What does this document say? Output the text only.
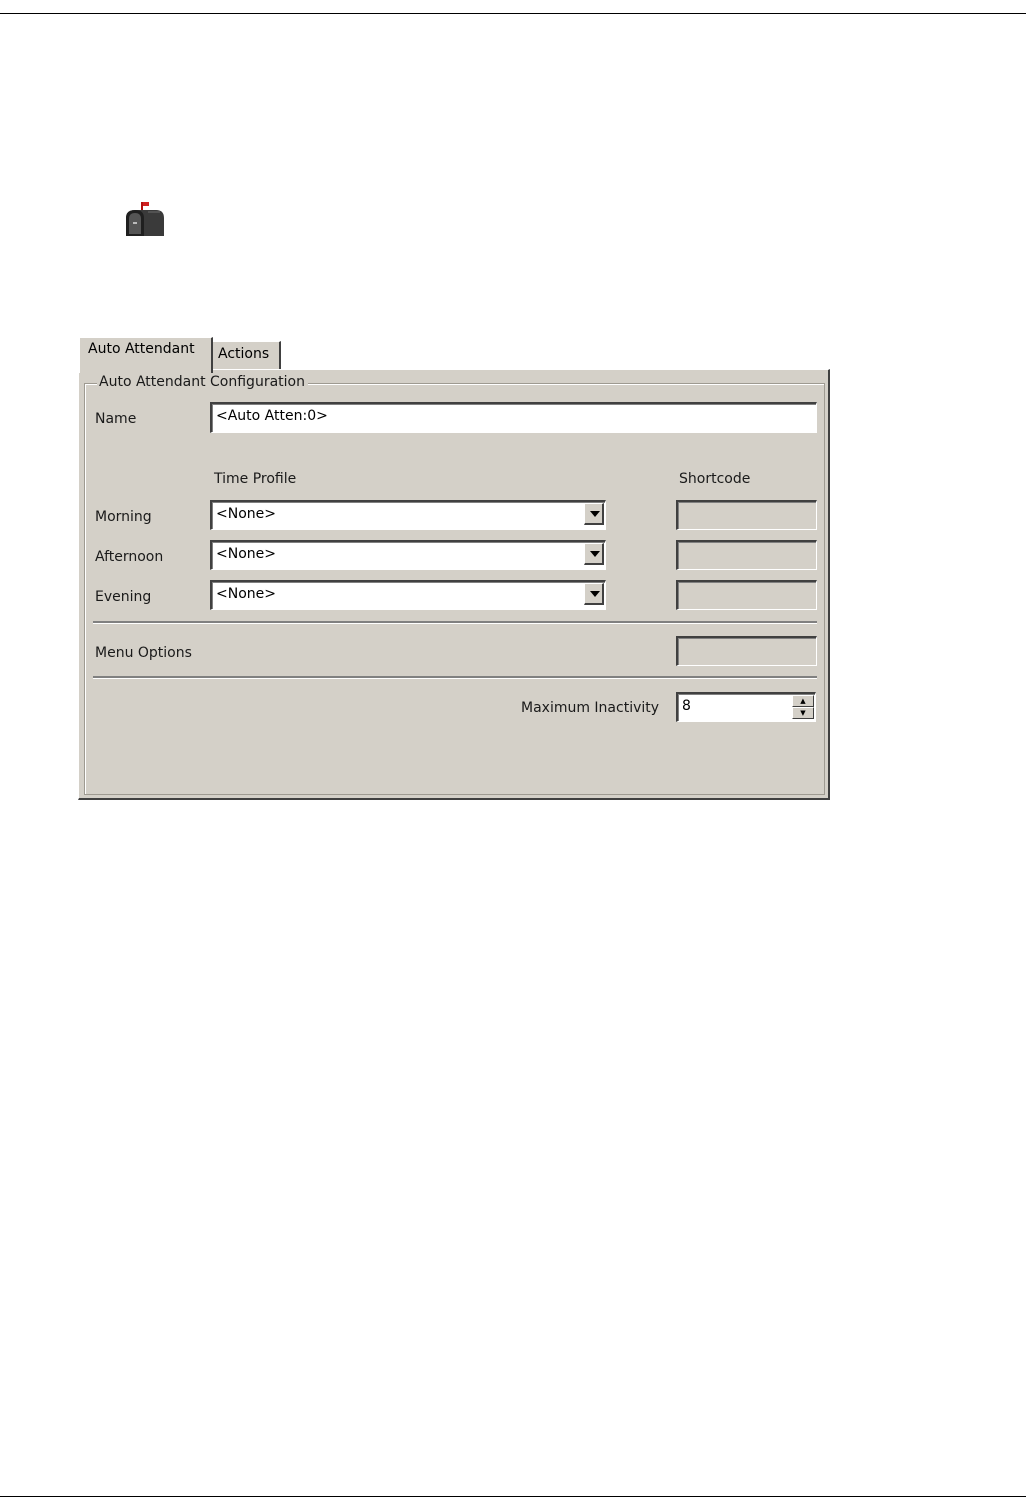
Auto Attendant	Actions
Auto Attendant Configuration
Name	<Auto Atten:0>
Time Profile	Shortcode
Morning	<None>
Afternoon	<None>
Evening	<None>
Menu Options
Maximum Inactivity	8	▲
▼
